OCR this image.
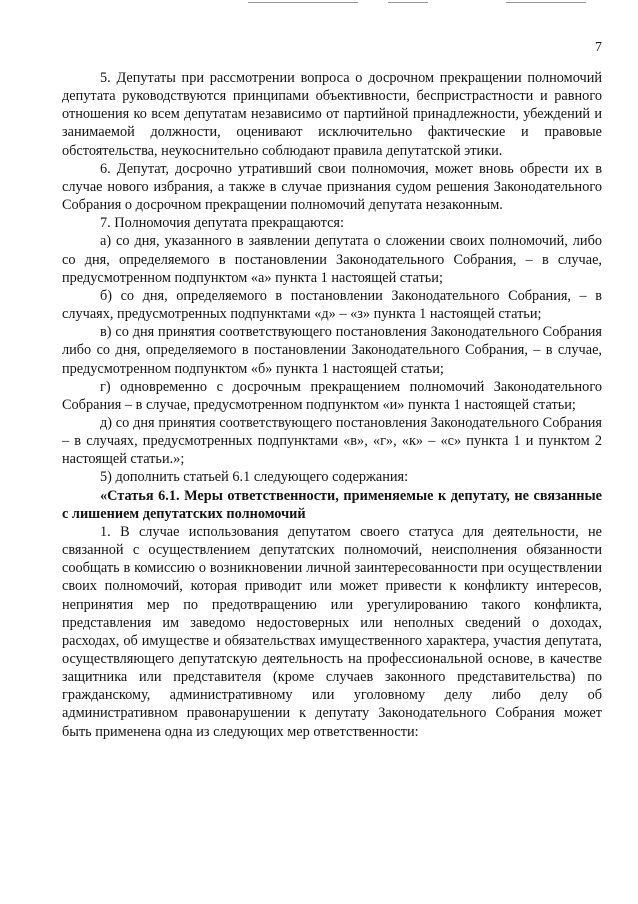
7

5. Депутаты при рассмотрении вопроса о досрочном прекращении полномочий депутата руководствуются принципами объективности, беспристрастности и равного отношения ко всем депутатам независимо от партийной принадлежности, убеждений и занимаемой должности, оценивают исключительно фактические и правовые обстоятельства, неукоснительно соблюдают правила депутатской этики.

6. Депутат, досрочно утративший свои полномочия, может вновь обрести их в случае нового избрания, а также в случае признания судом решения Законодательного Собрания о досрочном прекращении полномочий депутата незаконным.

7. Полномочия депутата прекращаются:

а) со дня, указанного в заявлении депутата о сложении своих полномочий, либо со дня, определяемого в постановлении Законодательного Собрания, – в случае, предусмотренном подпунктом «а» пункта 1 настоящей статьи;

б) со дня, определяемого в постановлении Законодательного Собрания, – в случаях, предусмотренных подпунктами «д» – «з» пункта 1 настоящей статьи;

в) со дня принятия соответствующего постановления Законодательного Собрания либо со дня, определяемого в постановлении Законодательного Собрания, – в случае, предусмотренном подпунктом «б» пункта 1 настоящей статьи;

г) одновременно с досрочным прекращением полномочий Законодательного Собрания – в случае, предусмотренном подпунктом «и» пункта 1 настоящей статьи;

д) со дня принятия соответствующего постановления Законодательного Собрания – в случаях, предусмотренных подпунктами «в», «г», «к» – «с» пункта 1 и пунктом 2 настоящей статьи.»;

5) дополнить статьей 6.1 следующего содержания:

«Статья 6.1. Меры ответственности, применяемые к депутату, не связанные с лишением депутатских полномочий

1. В случае использования депутатом своего статуса для деятельности, не связанной с осуществлением депутатских полномочий, неисполнения обязанности сообщать в комиссию о возникновении личной заинтересованности при осуществлении своих полномочий, которая приводит или может привести к конфликту интересов, непринятия мер по предотвращению или урегулированию такого конфликта, представления им заведомо недостоверных или неполных сведений о доходах, расходах, об имуществе и обязательствах имущественного характера, участия депутата, осуществляющего депутатскую деятельность на профессиональной основе, в качестве защитника или представителя (кроме случаев законного представительства) по гражданскому, административному или уголовному делу либо делу об административном правонарушении к депутату Законодательного Собрания может быть применена одна из следующих мер ответственности:
